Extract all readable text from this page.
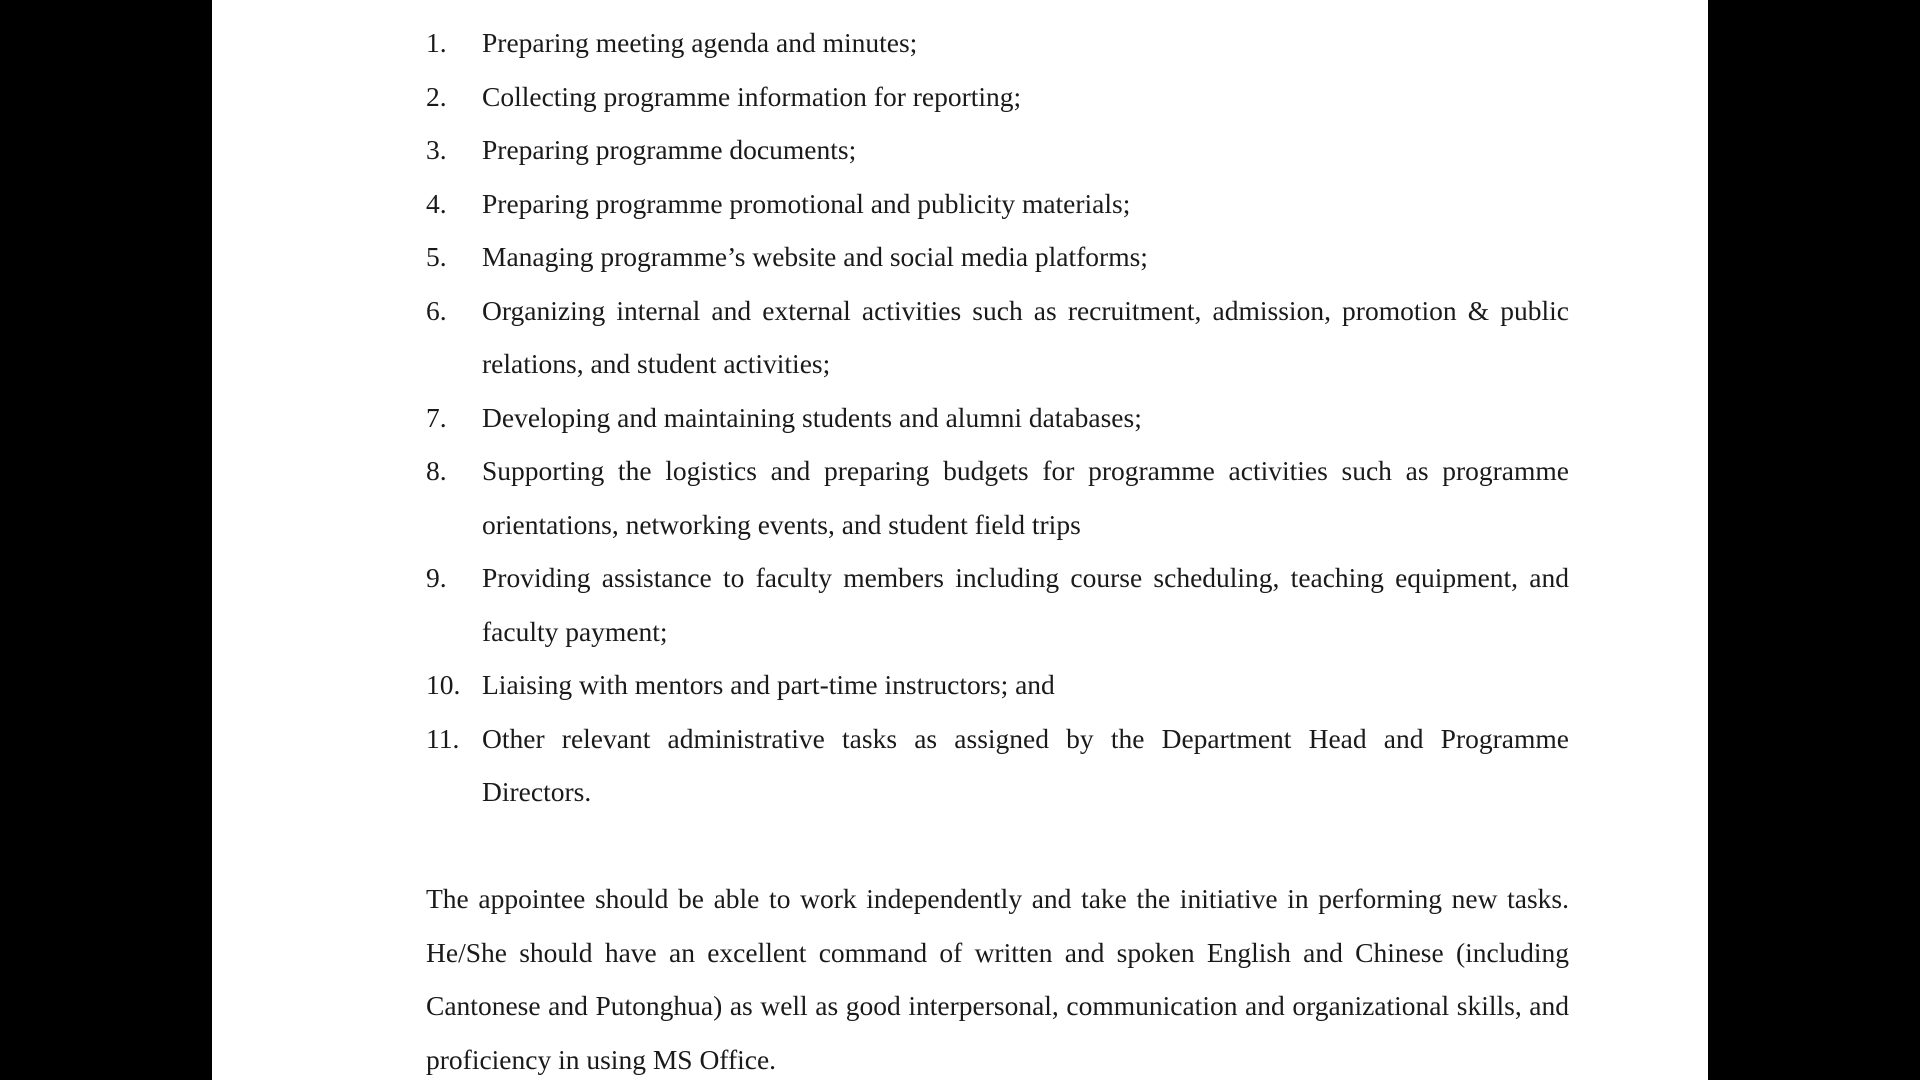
1. Preparing meeting agenda and minutes;
2. Collecting programme information for reporting;
3. Preparing programme documents;
4. Preparing programme promotional and publicity materials;
5. Managing programme’s website and social media platforms;
6. Organizing internal and external activities such as recruitment, admission, promotion & public relations, and student activities;
7. Developing and maintaining students and alumni databases;
8. Supporting the logistics and preparing budgets for programme activities such as programme orientations, networking events, and student field trips
9. Providing assistance to faculty members including course scheduling, teaching equipment, and faculty payment;
10. Liaising with mentors and part-time instructors; and
11. Other relevant administrative tasks as assigned by the Department Head and Programme Directors.

The appointee should be able to work independently and take the initiative in performing new tasks. He/She should have an excellent command of written and spoken English and Chinese (including Cantonese and Putonghua) as well as good interpersonal, communication and organizational skills, and proficiency in using MS Office.
